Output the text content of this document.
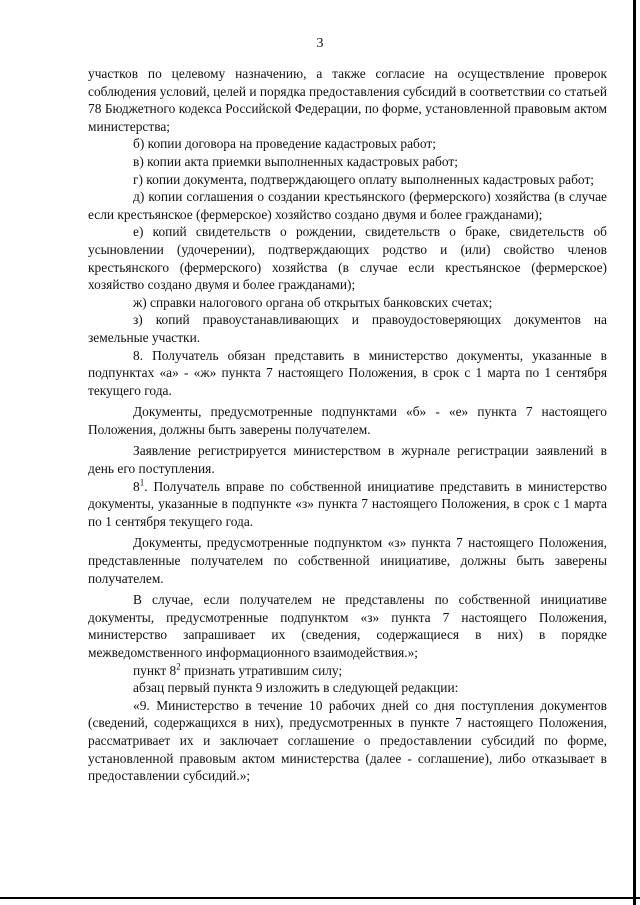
3

участков по целевому назначению, а также согласие на осуществление проверок соблюдения условий, целей и порядка предоставления субсидий в соответствии со статьей 78 Бюджетного кодекса Российской Федерации, по форме, установленной правовым актом министерства;

б) копии договора на проведение кадастровых работ;

в) копии акта приемки выполненных кадастровых работ;

г) копии документа, подтверждающего оплату выполненных кадастровых работ;

д) копии соглашения о создании крестьянского (фермерского) хозяйства (в случае если крестьянское (фермерское) хозяйство создано двумя и более гражданами);

е) копий свидетельств о рождении, свидетельств о браке, свидетельств об усыновлении (удочерении), подтверждающих родство и (или) свойство членов крестьянского (фермерского) хозяйства (в случае если крестьянское (фермерское) хозяйство создано двумя и более гражданами);

ж) справки налогового органа об открытых банковских счетах;

з) копий правоустанавливающих и правоудостоверяющих документов на земельные участки.

8. Получатель обязан представить в министерство документы, указанные в подпунктах «а» - «ж» пункта 7 настоящего Положения, в срок с 1 марта по 1 сентября текущего года.

Документы, предусмотренные подпунктами «б» - «е» пункта 7 настоящего Положения, должны быть заверены получателем.

Заявление регистрируется министерством в журнале регистрации заявлений в день его поступления.

$8^1$. Получатель вправе по собственной инициативе представить в министерство документы, указанные в подпункте «з» пункта 7 настоящего Положения, в срок с 1 марта по 1 сентября текущего года.

Документы, предусмотренные подпунктом «з» пункта 7 настоящего Положения, представленные получателем по собственной инициативе, должны быть заверены получателем.

В случае, если получателем не представлены по собственной инициативе документы, предусмотренные подпунктом «з» пункта 7 настоящего Положения, министерство запрашивает их (сведения, содержащиеся в них) в порядке межведомственного информационного взаимодействия.»;

пункт $8^2$ признать утратившим силу;

абзац первый пункта 9 изложить в следующей редакции:

«9. Министерство в течение 10 рабочих дней со дня поступления документов (сведений, содержащихся в них), предусмотренных в пункте 7 настоящего Положения, рассматривает их и заключает соглашение о предоставлении субсидий по форме, установленной правовым актом министерства (далее - соглашение), либо отказывает в предоставлении субсидий.»;
